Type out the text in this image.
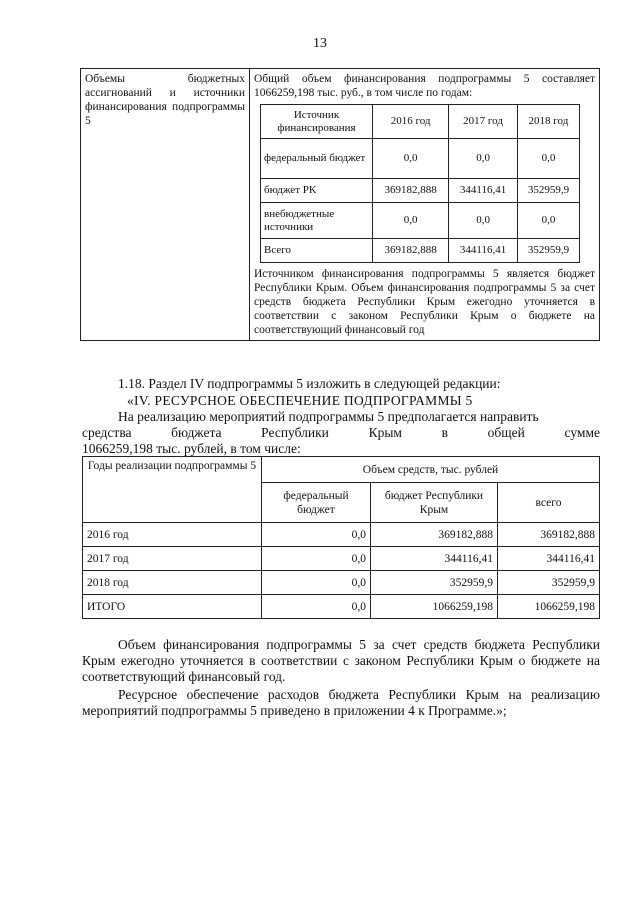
13
Объемы бюджетных ассигнований и источники финансирования подпрограммы 5	
Общий объем финансирования подпрограммы 5 составляет 1066259,198 тыс. руб., в том числе по годам:
Источник финансирования	2016 год	2017 год	2018 год
федеральный бюджет	0,0	0,0	0,0
бюджет РК	369182,888	344116,41	352959,9
внебюджетные источники	0,0	0,0	0,0
Всего	369182,888	344116,41	352959,9
Источником финансирования подпрограммы 5 является бюджет Республики Крым. Объем финансирования подпрограммы 5 за счет средств бюджета Республики Крым ежегодно уточняется в соответствии с законом Республики Крым о бюджете на соответствующий финансовый год
1.18. Раздел IV подпрограммы 5 изложить в следующей редакции:
«IV. РЕСУРСНОЕ ОБЕСПЕЧЕНИЕ ПОДПРОГРАММЫ 5
На реализацию мероприятий подпрограммы 5 предполагается направить
средства	бюджета	Республики	Крым	в	общей	сумме
1066259,198 тыс. рублей, в том числе:
Годы реализации подпрограммы 5	Объем средств, тыс. рублей		
	федеральный бюджет	бюджет Республики Крым	всего
2016 год	0,0	369182,888	369182,888
2017 год	0,0	344116,41	344116,41
2018 год	0,0	352959,9	352959,9
ИТОГО	0,0	1066259,198	1066259,198
Объем финансирования подпрограммы 5 за счет средств бюджета Республики Крым ежегодно уточняется в соответствии с законом Республики Крым о бюджете на соответствующий финансовый год.
Ресурсное обеспечение расходов бюджета Республики Крым на реализацию мероприятий подпрограммы 5 приведено в приложении 4 к Программе.»;
